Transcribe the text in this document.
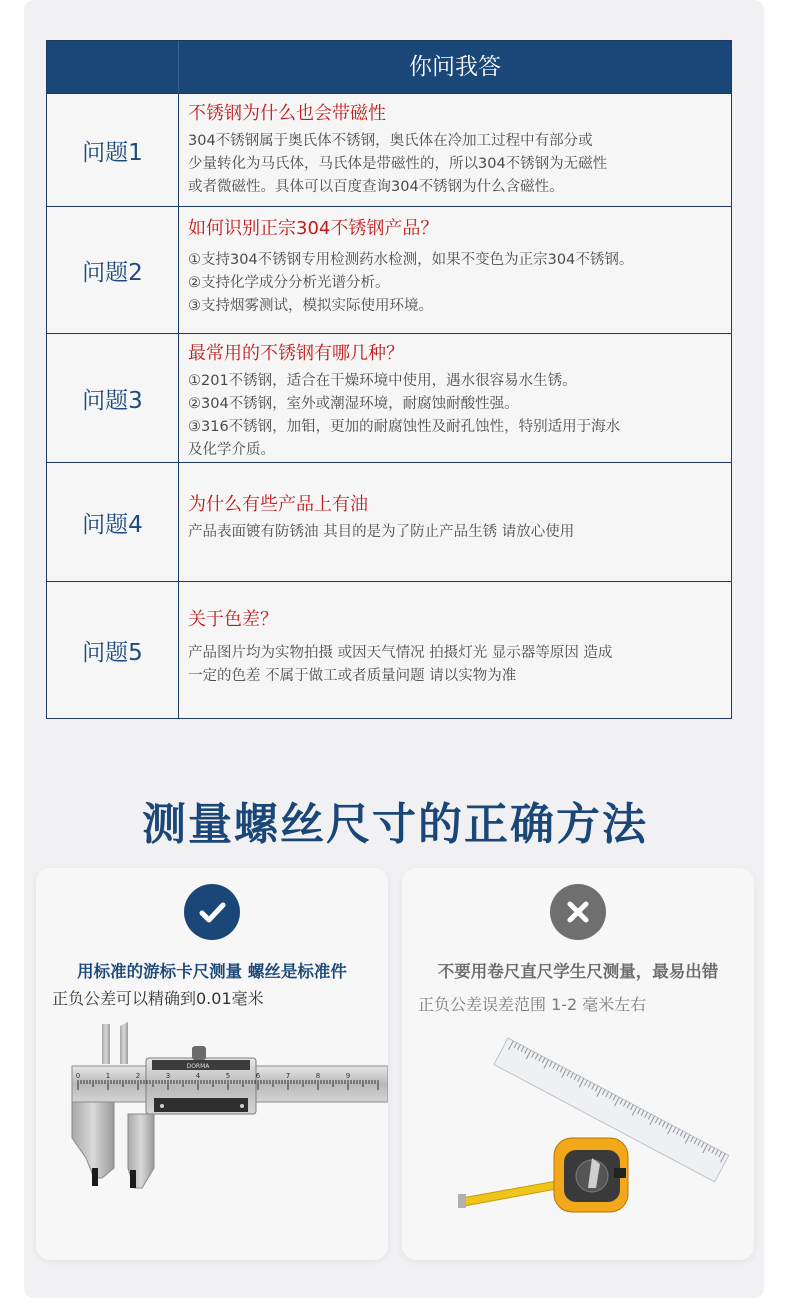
你问我答
问题1
不锈钢为什么也会带磁性
304不锈钢属于奥氏体不锈钢，奥氏体在冷加工过程中有部分或
少量转化为马氏体，马氏体是带磁性的，所以304不锈钢为无磁性
或者微磁性。具体可以百度查询304不锈钢为什么含磁性。
问题2
如何识别正宗304不锈钢产品？
①支持304不锈钢专用检测药水检测，如果不变色为正宗304不锈钢。
②支持化学成分分析光谱分析。
③支持烟雾测试，模拟实际使用环境。
问题3
最常用的不锈钢有哪几种？
①201不锈钢，适合在干燥环境中使用，遇水很容易水生锈。
②304不锈钢，室外或潮湿环境，耐腐蚀耐酸性强。
③316不锈钢，加钼，更加的耐腐蚀性及耐孔蚀性，特别适用于海水
及化学介质。
问题4
为什么有些产品上有油
产品表面镀有防锈油 其目的是为了防止产品生锈 请放心使用
问题5
关于色差？
产品图片均为实物拍摄 或因天气情况 拍摄灯光 显示器等原因 造成
一定的色差 不属于做工或者质量问题 请以实物为准
测量螺丝尺寸的正确方法
用标准的游标卡尺测量 螺丝是标准件
正负公差可以精确到0.01毫米
DORMA
0	1	2	3	4	5	6	7	8	9
不要用卷尺直尺学生尺测量，最易出错
正负公差误差范围 1-2 毫米左右
